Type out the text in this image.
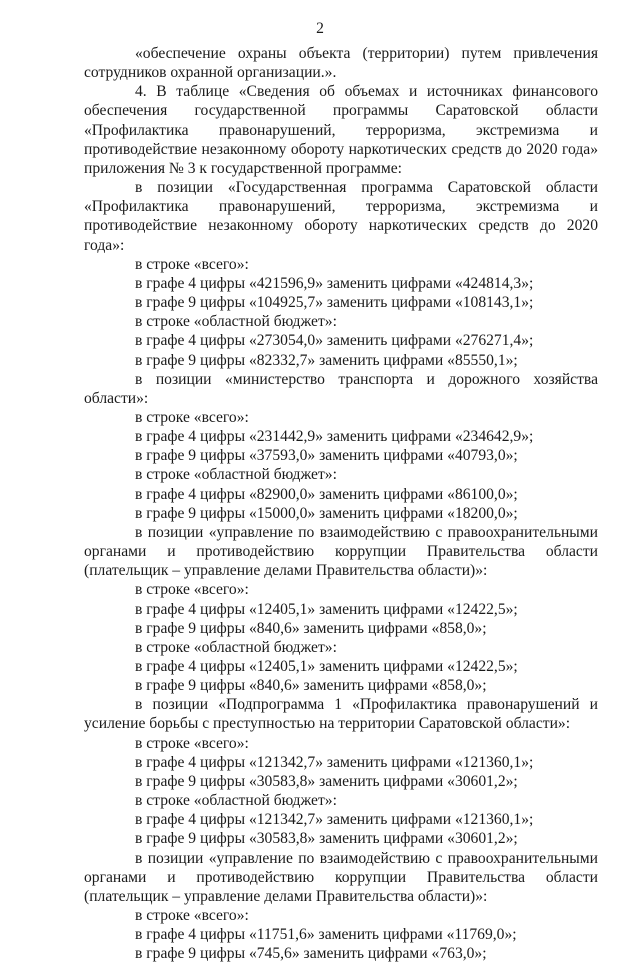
2

«обеспечение охраны объекта (территории) путем привлечения сотрудников охранной организации.».

4. В таблице «Сведения об объемах и источниках финансового обеспечения государственной программы Саратовской области «Профилактика правонарушений, терроризма, экстремизма и противодействие незаконному обороту наркотических средств до 2020 года» приложения № 3 к государственной программе:

в позиции «Государственная программа Саратовской области «Профилактика правонарушений, терроризма, экстремизма и противодействие незаконному обороту наркотических средств до 2020 года»:

в строке «всего»:

в графе 4 цифры «421596,9» заменить цифрами «424814,3»;

в графе 9 цифры «104925,7» заменить цифрами «108143,1»;

в строке «областной бюджет»:

в графе 4 цифры «273054,0» заменить цифрами «276271,4»;

в графе 9 цифры «82332,7» заменить цифрами «85550,1»;

в позиции «министерство транспорта и дорожного хозяйства области»:

в строке «всего»:

в графе 4 цифры «231442,9» заменить цифрами «234642,9»;

в графе 9 цифры «37593,0» заменить цифрами «40793,0»;

в строке «областной бюджет»:

в графе 4 цифры «82900,0» заменить цифрами «86100,0»;

в графе 9 цифры «15000,0» заменить цифрами «18200,0»;

в позиции «управление по взаимодействию с правоохранительными органами и противодействию коррупции Правительства области (плательщик – управление делами Правительства области)»:

в строке «всего»:

в графе 4 цифры «12405,1» заменить цифрами «12422,5»;

в графе 9 цифры «840,6» заменить цифрами «858,0»;

в строке «областной бюджет»:

в графе 4 цифры «12405,1» заменить цифрами «12422,5»;

в графе 9 цифры «840,6» заменить цифрами «858,0»;

в позиции «Подпрограмма 1 «Профилактика правонарушений и усиление борьбы с преступностью на территории Саратовской области»:

в строке «всего»:

в графе 4 цифры «121342,7» заменить цифрами «121360,1»;

в графе 9 цифры «30583,8» заменить цифрами «30601,2»;

в строке «областной бюджет»:

в графе 4 цифры «121342,7» заменить цифрами «121360,1»;

в графе 9 цифры «30583,8» заменить цифрами «30601,2»;

в позиции «управление по взаимодействию с правоохранительными органами и противодействию коррупции Правительства области (плательщик – управление делами Правительства области)»:

в строке «всего»:

в графе 4 цифры «11751,6» заменить цифрами «11769,0»;

в графе 9 цифры «745,6» заменить цифрами «763,0»;
